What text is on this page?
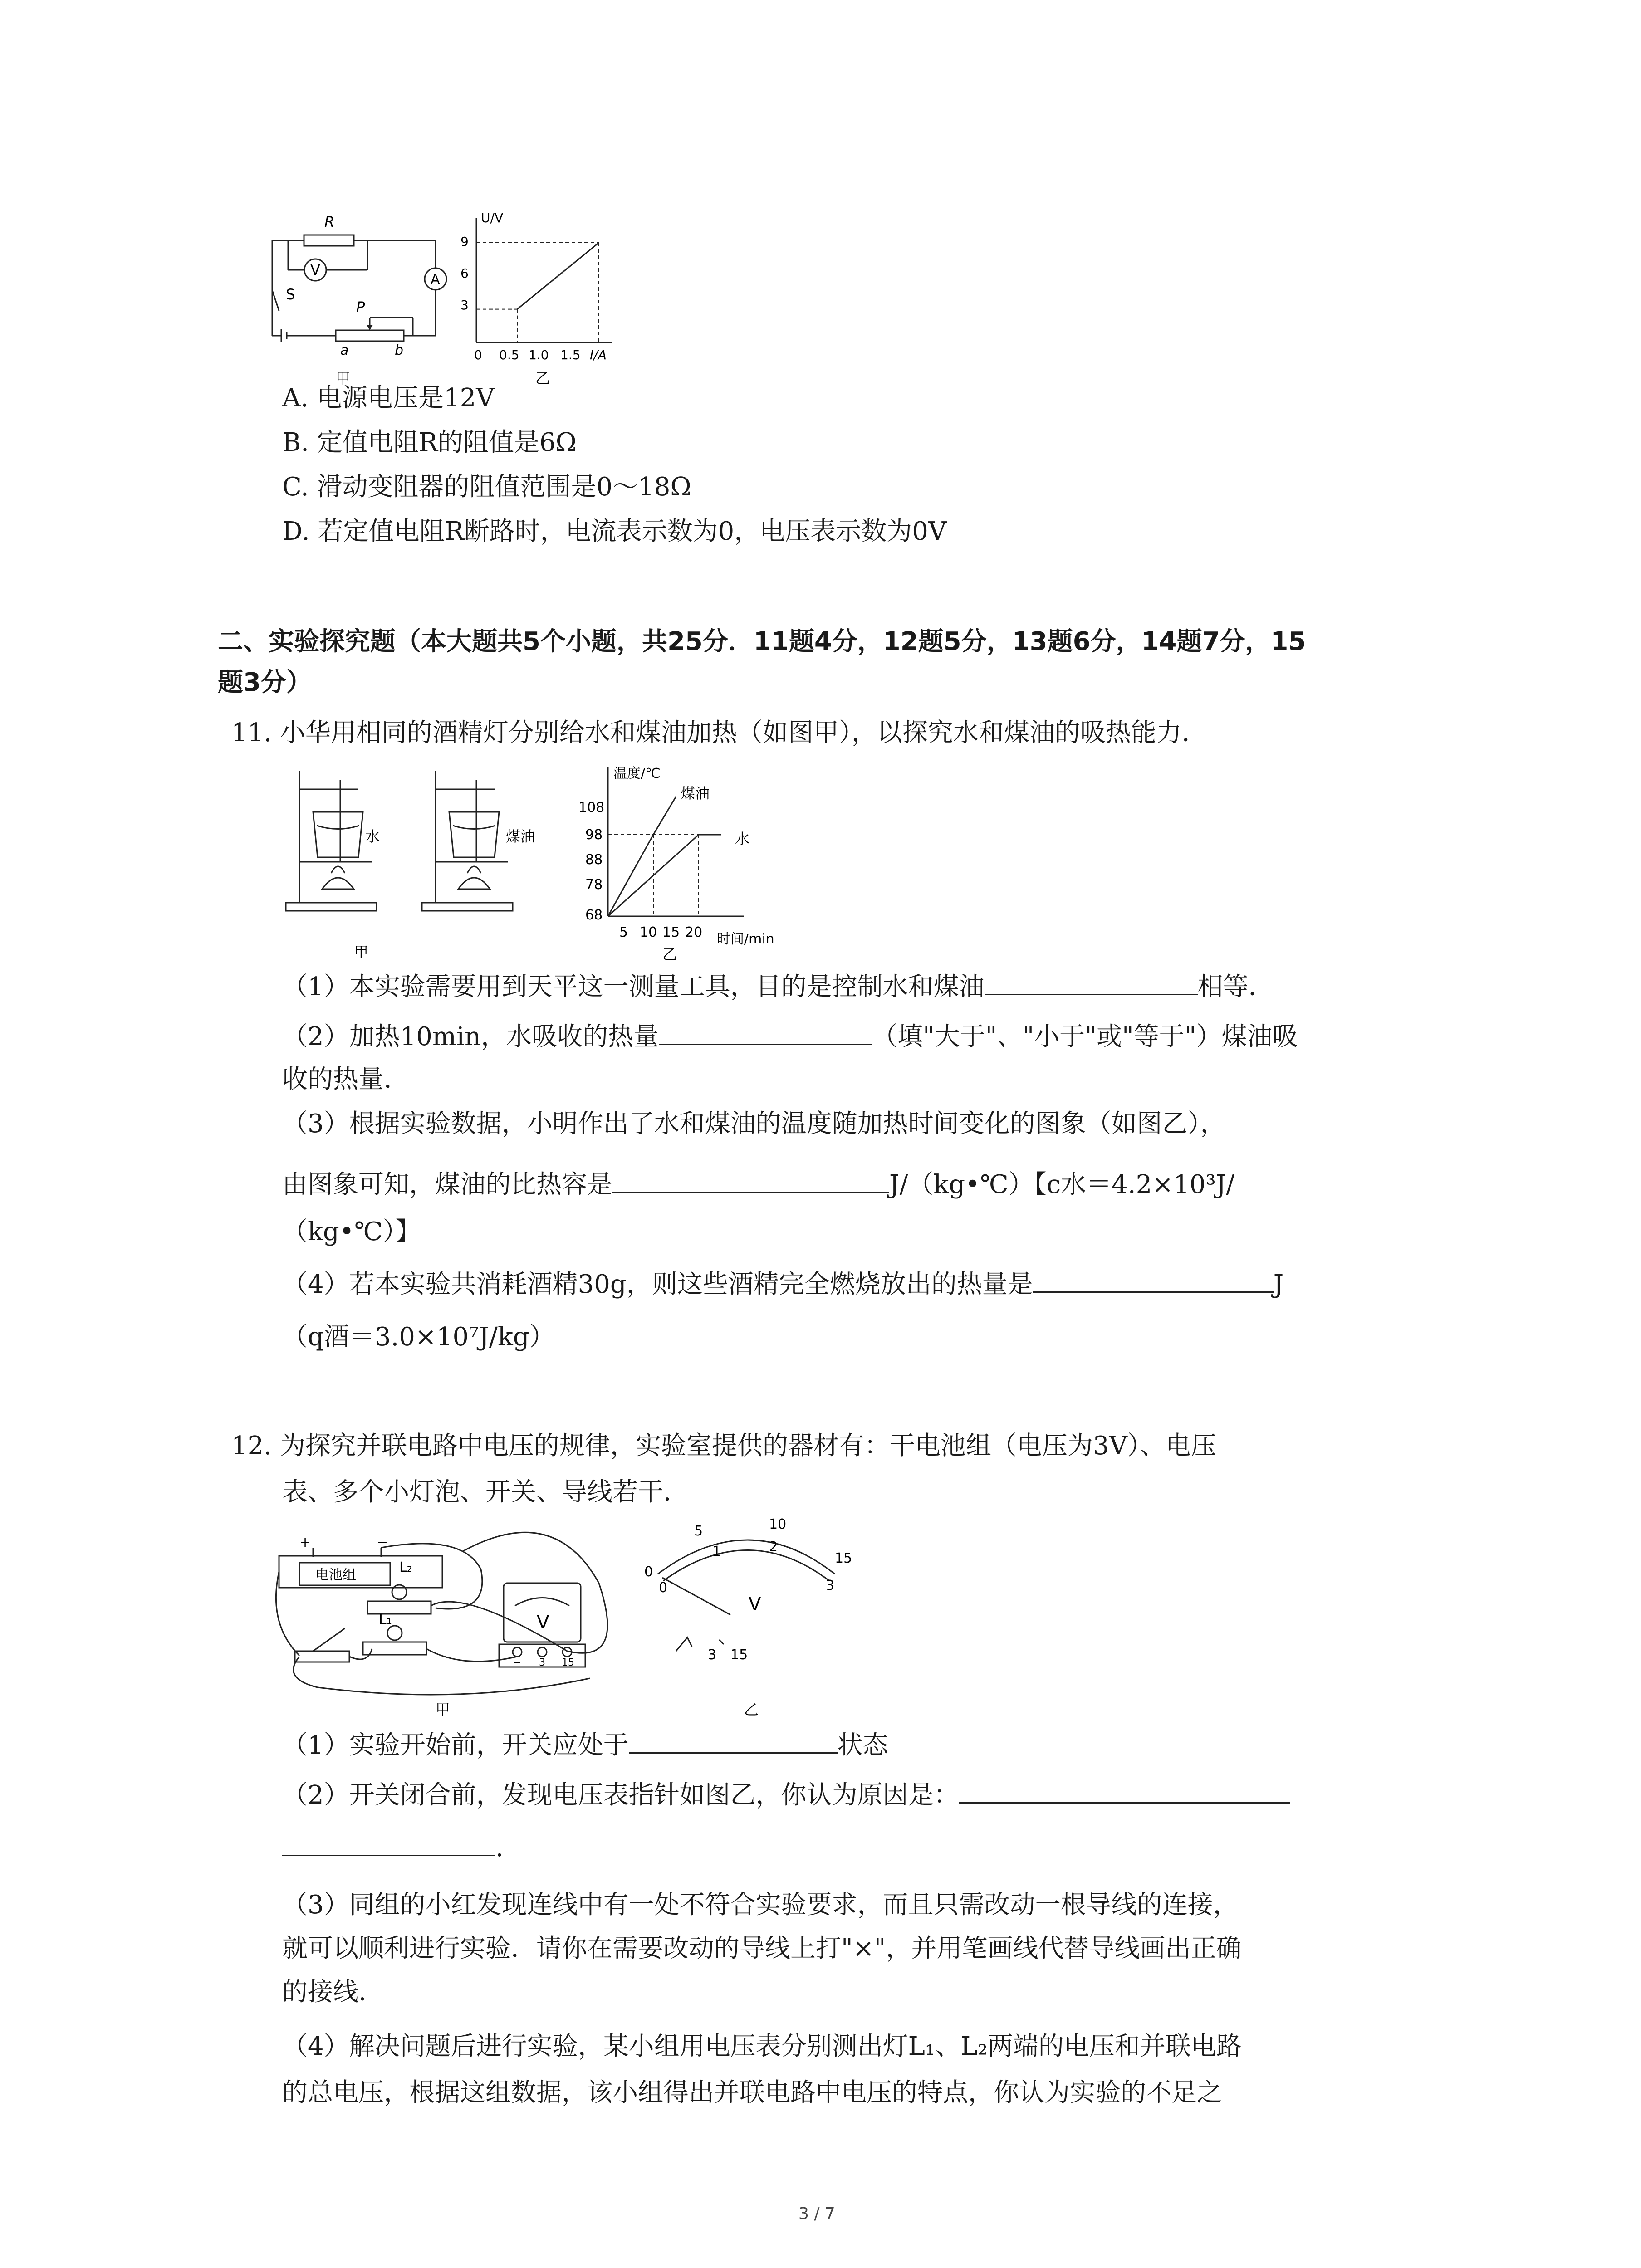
R
V
A
S
P
a	b
甲
U/V
I/A
9
6
3
0 0.5 1.0 1.5
乙
A. 电源电压是12V
B. 定值电阻R的阻值是6Ω
C. 滑动变阻器的阻值范围是0～18Ω
D. 若定值电阻R断路时，电流表示数为0，电压表示数为0V
二、实验探究题（本大题共5个小题，共25分．11题4分，12题5分，13题6分，14题7分，15
题3分）
11. 小华用相同的酒精灯分别给水和煤油加热（如图甲），以探究水和煤油的吸热能力．
水	煤油
甲
温度/℃
时间/min
108
98
88
78
68
5 10 15 20
煤油
水
乙
（1）本实验需要用到天平这一测量工具，目的是控制水和煤油	相等．
（2）加热10min，水吸收的热量	（填"大于"、"小于"或"等于"）煤油吸
收的热量．
（3）根据实验数据，小明作出了水和煤油的温度随加热时间变化的图象（如图乙），
由图象可知，煤油的比热容是	J/（kg•℃）【c水＝4.2×10³J/
（kg•℃）】
（4）若本实验共消耗酒精30g，则这些酒精完全燃烧放出的热量是	J
（q酒＝3.0×10⁷J/kg）
12. 为探究并联电路中电压的规律，实验室提供的器材有：干电池组（电压为3V）、电压
表、多个小灯泡、开关、导线若干．
+	−
电池组	L₂
L₁	V
− 3 15
甲
0
5	10
15
0
1	2
3
V
3 15
乙
（1）实验开始前，开关应处于	状态
（2）开关闭合前，发现电压表指针如图乙，你认为原因是：
.
（3）同组的小红发现连线中有一处不符合实验要求，而且只需改动一根导线的连接，
就可以顺利进行实验．请你在需要改动的导线上打"×"，并用笔画线代替导线画出正确
的接线．
（4）解决问题后进行实验，某小组用电压表分别测出灯L₁、L₂两端的电压和并联电路
的总电压，根据这组数据，该小组得出并联电路中电压的特点，你认为实验的不足之
3 / 7
